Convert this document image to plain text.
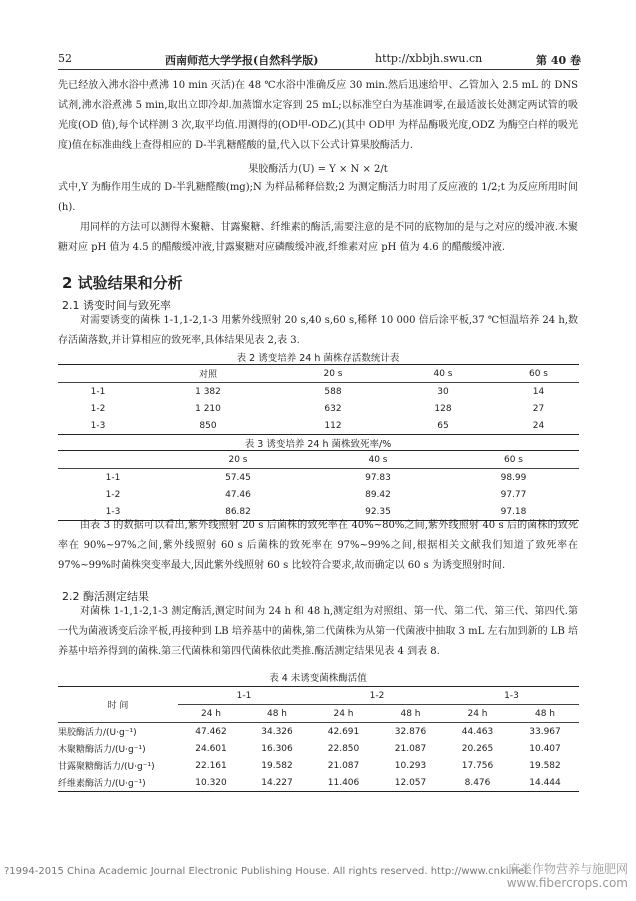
52	西南师范大学学报(自然科学版)	http://xbbjh.swu.cn	第 40 卷

先已经放入沸水浴中煮沸 10 min 灭活)在 48 ℃水浴中准确反应 30 min.然后迅速给甲、乙管加入 2.5 mL 的 DNS 试剂,沸水浴煮沸 5 min,取出立即冷却.加蒸馏水定容到 25 mL;以标准空白为基准调零,在最适波长处测定两试管的吸光度(OD 值),每个试样测 3 次,取平均值.用测得的(OD甲-OD乙)(其中 OD甲 为样品酶吸光度,ODZ 为酶空白样的吸光度)值在标准曲线上查得相应的 D-半乳糖醛酸的量,代入以下公式计算果胶酶活力.

果胶酶活力(U) = Y × N × 2/t

式中,Y 为酶作用生成的 D-半乳糖醛酸(mg);N 为样品稀释倍数;2 为测定酶活力时用了反应液的 1/2;t 为反应所用时间(h).

用同样的方法可以测得木聚糖、甘露聚糖、纤维素的酶活,需要注意的是不同的底物加的是与之对应的缓冲液.木聚糖对应 pH 值为 4.5 的醋酸缓冲液,甘露聚糖对应磷酸缓冲液,纤维素对应 pH 值为 4.6 的醋酸缓冲液.

2 试验结果和分析
2.1 诱变时间与致死率

对需要诱变的菌株 1-1,1-2,1-3 用紫外线照射 20 s,40 s,60 s,稀释 10 000 倍后涂平板,37 ℃恒温培养 24 h,数存活菌落数,并计算相应的致死率,具体结果见表 2,表 3.

表 2 诱变培养 24 h 菌株存活数统计表
	对照	20 s	40 s	60 s
1-1	1 382	588	30	14
1-2	1 210	632	128	27
1-3	850	112	65	24
表 3 诱变培养 24 h 菌株致死率/%
	20 s	40 s	60 s
1-1	57.45	97.83	98.99
1-2	47.46	89.42	97.77
1-3	86.82	92.35	97.18

由表 3 的数据可以看出,紫外线照射 20 s 后菌株的致死率在 40%~80%之间,紫外线照射 40 s 后的菌株的致死率在 90%~97%之间,紫外线照射 60 s 后菌株的致死率在 97%~99%之间,根据相关文献我们知道了致死率在 97%~99%时菌株突变率最大,因此紫外线照射 60 s 比较符合要求,故而确定以 60 s 为诱变照射时间.

2.2 酶活测定结果

对菌株 1-1,1-2,1-3 测定酶活,测定时间为 24 h 和 48 h,测定组为对照组、第一代、第二代、第三代、第四代.第一代为菌液诱变后涂平板,再接种到 LB 培养基中的菌株,第二代菌株为从第一代菌液中抽取 3 mL 左右加到新的 LB 培养基中培养得到的菌株.第三代菌株和第四代菌株依此类推.酶活测定结果见表 4 到表 8.

表 4 未诱变菌株酶活值
时 间	1-1		1-2		1-3	
	24 h	48 h	24 h	48 h	24 h	48 h
果胶酶活力/(U·g⁻¹)	47.462	34.326	42.691	32.876	44.463	33.967
木聚糖酶活力/(U·g⁻¹)	24.601	16.306	22.850	21.087	20.265	10.407
甘露聚糖酶活力/(U·g⁻¹)	22.161	19.582	21.087	10.293	17.756	19.582
纤维素酶活力/(U·g⁻¹)	10.320	14.227	11.406	12.057	8.476	14.444
?1994-2015 China Academic Journal Electronic Publishing House. All rights reserved. http://www.cnki.net
麻类作物营养与施肥网
www.fibercrops.com
